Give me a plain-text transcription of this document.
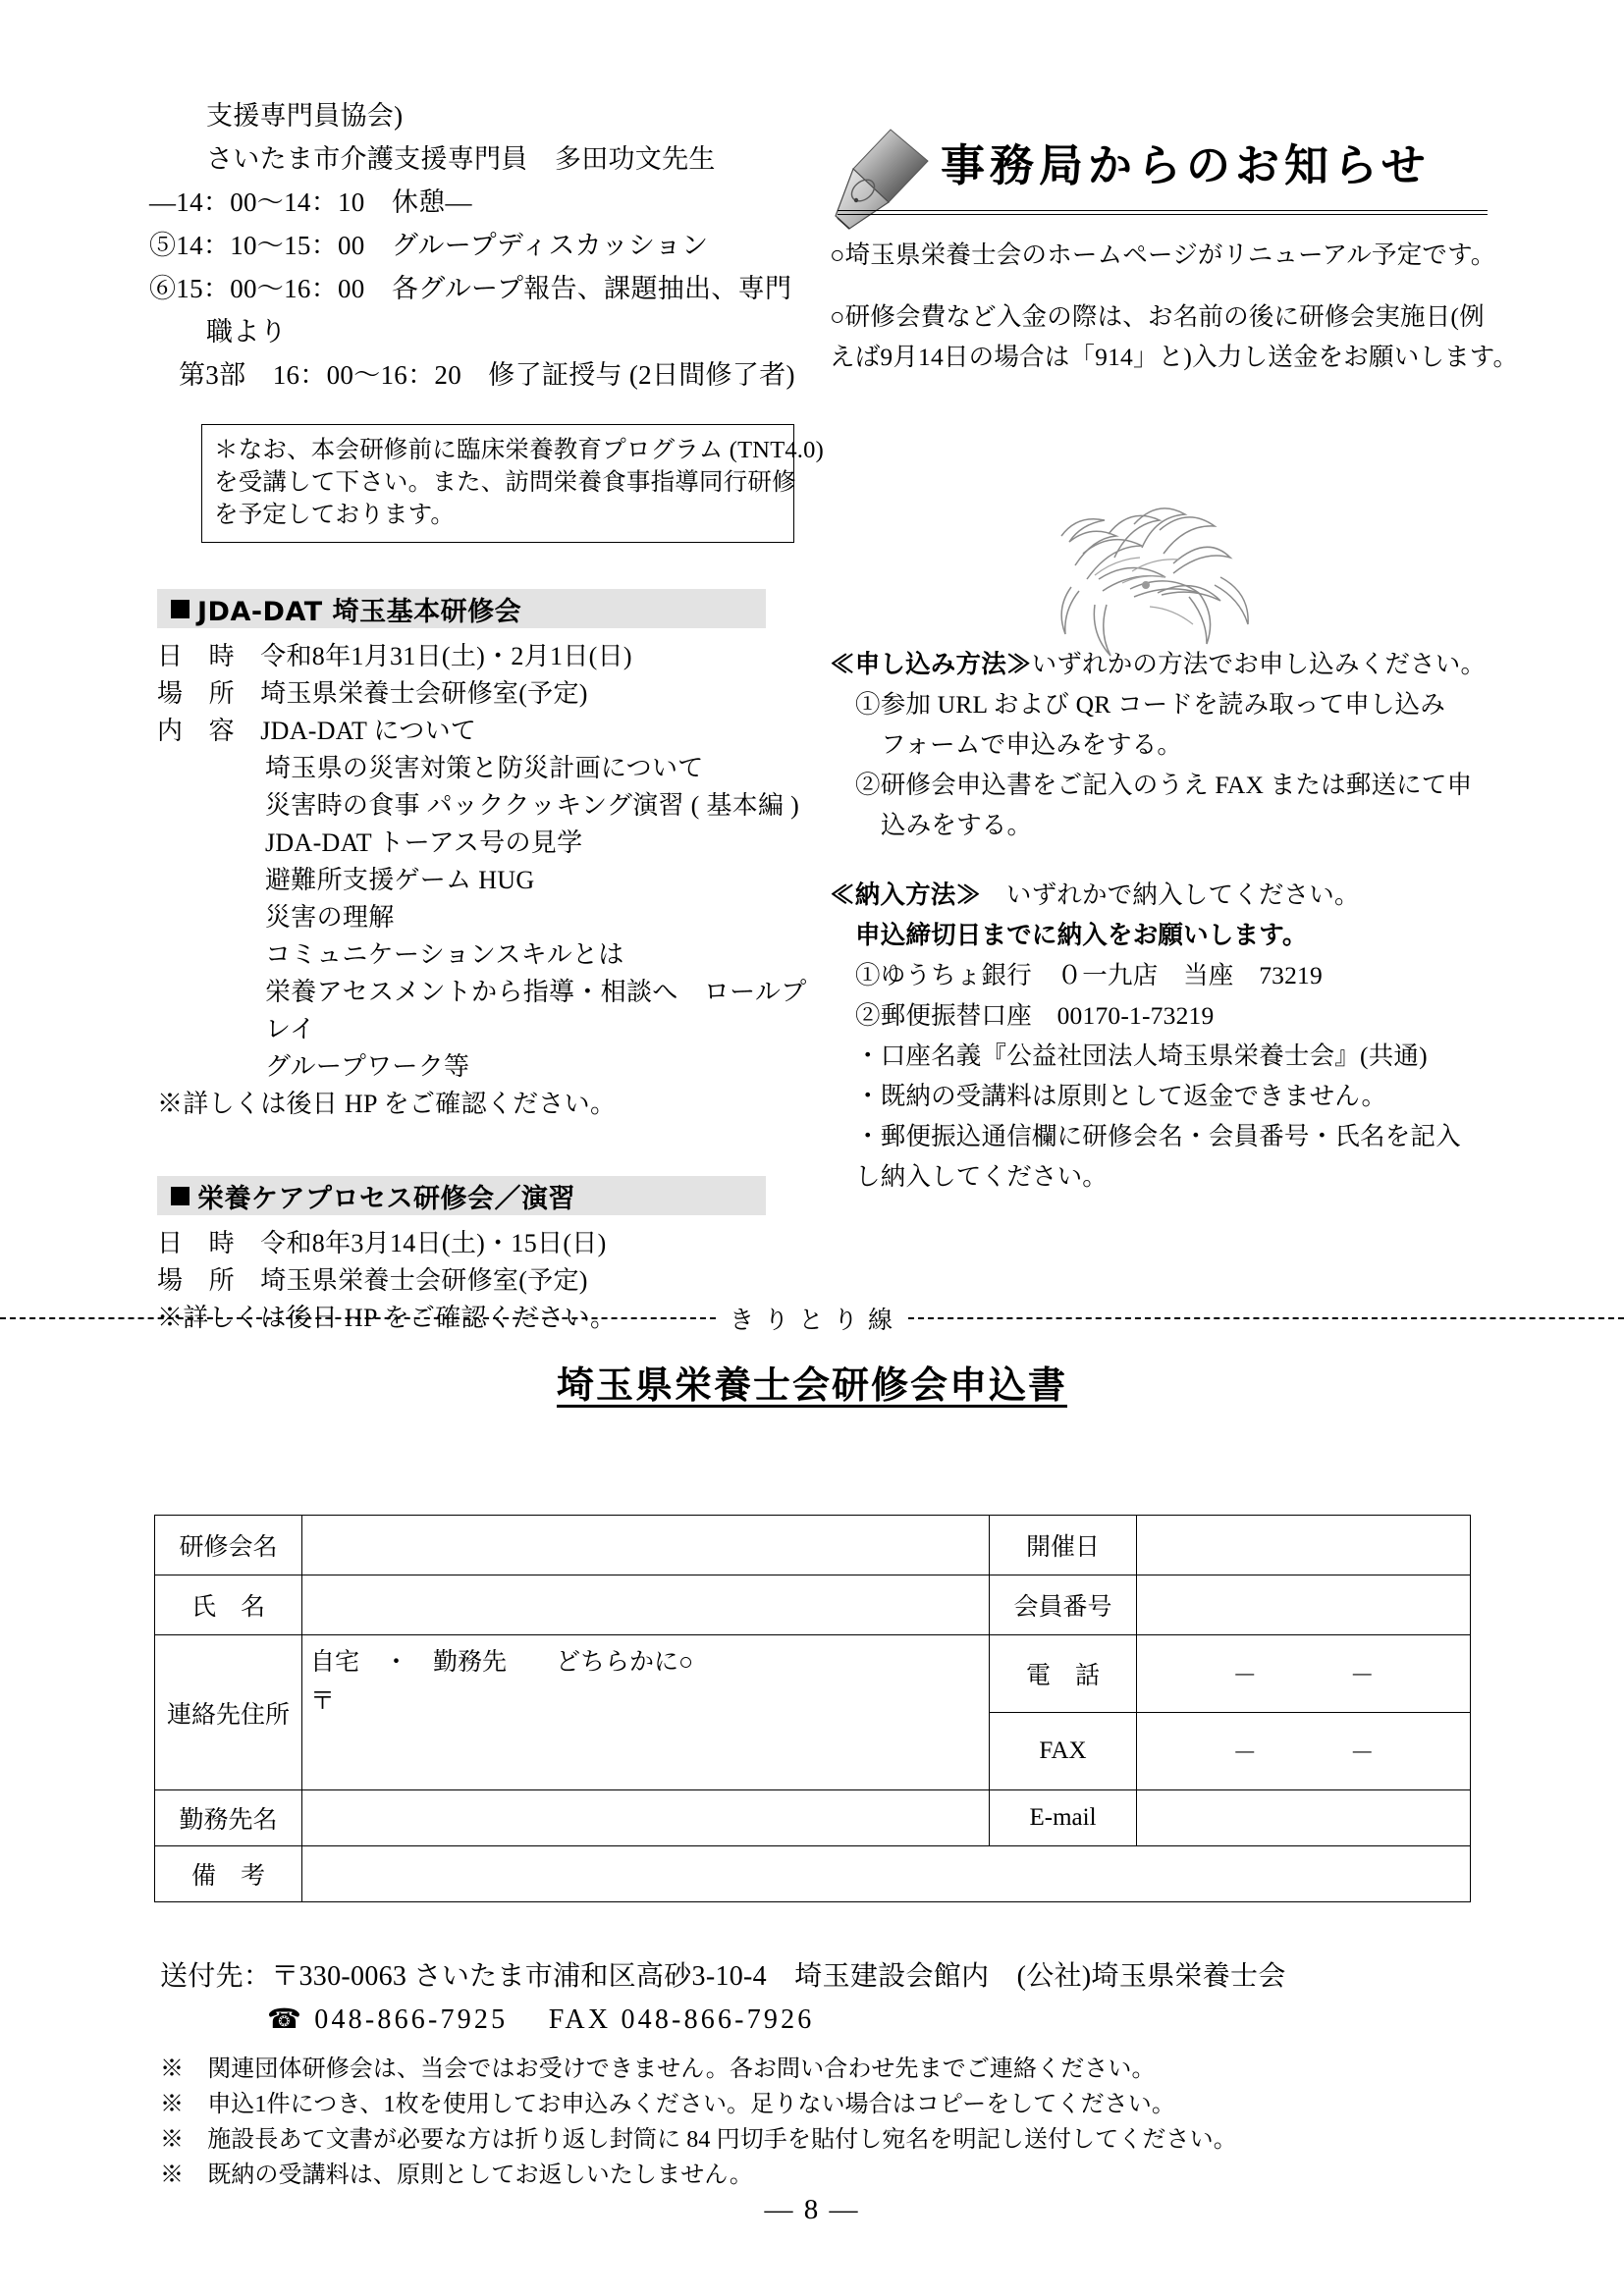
支援専門員協会)
さいたま市介護支援専門員　多田功文先生
—14：00〜14：10　休憩—
⑤14：10〜15：00　グループディスカッション
⑥15：00〜16：00　各グループ報告、課題抽出、専門
職より
第3部　16：00〜16：20　修了証授与 (2日間修了者)
＊なお、本会研修前に臨床栄養教育プログラム (TNT4.0)
を受講して下さい。また、訪問栄養食事指導同行研修
を予定しております。
JDA-DAT 埼玉基本研修会
日　時　令和8年1月31日(土)・2月1日(日)
場　所　埼玉県栄養士会研修室(予定)
内　容　JDA-DAT について
埼玉県の災害対策と防災計画について
災害時の食事 パッククッキング演習 ( 基本編 )
JDA-DAT トーアス号の見学
避難所支援ゲーム HUG
災害の理解
コミュニケーションスキルとは
栄養アセスメントから指導・相談へ　ロールプ
レイ
グループワーク等
※詳しくは後日 HP をご確認ください。
栄養ケアプロセス研修会／演習
日　時　令和8年3月14日(土)・15日(日)
場　所　埼玉県栄養士会研修室(予定)
※詳しくは後日 HP をご確認ください。
事務局からのお知らせ
○埼玉県栄養士会のホームページがリニューアル予定です。
○研修会費など入金の際は、お名前の後に研修会実施日(例
えば9月14日の場合は「914」と)入力し送金をお願いします。
≪申し込み方法≫いずれかの方法でお申し込みください。
①参加 URL および QR コードを読み取って申し込み
フォームで申込みをする。
②研修会申込書をご記入のうえ FAX または郵送にて申
込みをする。
≪納入方法≫　いずれかで納入してください。
申込締切日までに納入をお願いします。
①ゆうちょ銀行　０一九店　当座　73219
②郵便振替口座　00170-1-73219
・口座名義『公益社団法人埼玉県栄養士会』(共通)
・既納の受講料は原則として返金できません。
・郵便振込通信欄に研修会名・会員番号・氏名を記入
し納入してください。
き り と り 線
埼玉県栄養士会研修会申込書
研修会名		開催日	
氏　名		会員番号	
連絡先住所	
自宅　・　勤務先　　どちらかに○
〒
	電　話	－	－

		FAX	－ －

勤務先名		E-mail	
備　考			
送付先：〒330-0063 さいたま市浦和区高砂3-10-4　埼玉建設会館内　(公社)埼玉県栄養士会
☎ 048-866-7925　 FAX 048-866-7926
※　関連団体研修会は、当会ではお受けできません。各お問い合わせ先までご連絡ください。
※　申込1件につき、1枚を使用してお申込みください。足りない場合はコピーをしてください。
※　施設長あて文書が必要な方は折り返し封筒に 84 円切手を貼付し宛名を明記し送付してください。
※　既納の受講料は、原則としてお返しいたしません。
— 8 —
